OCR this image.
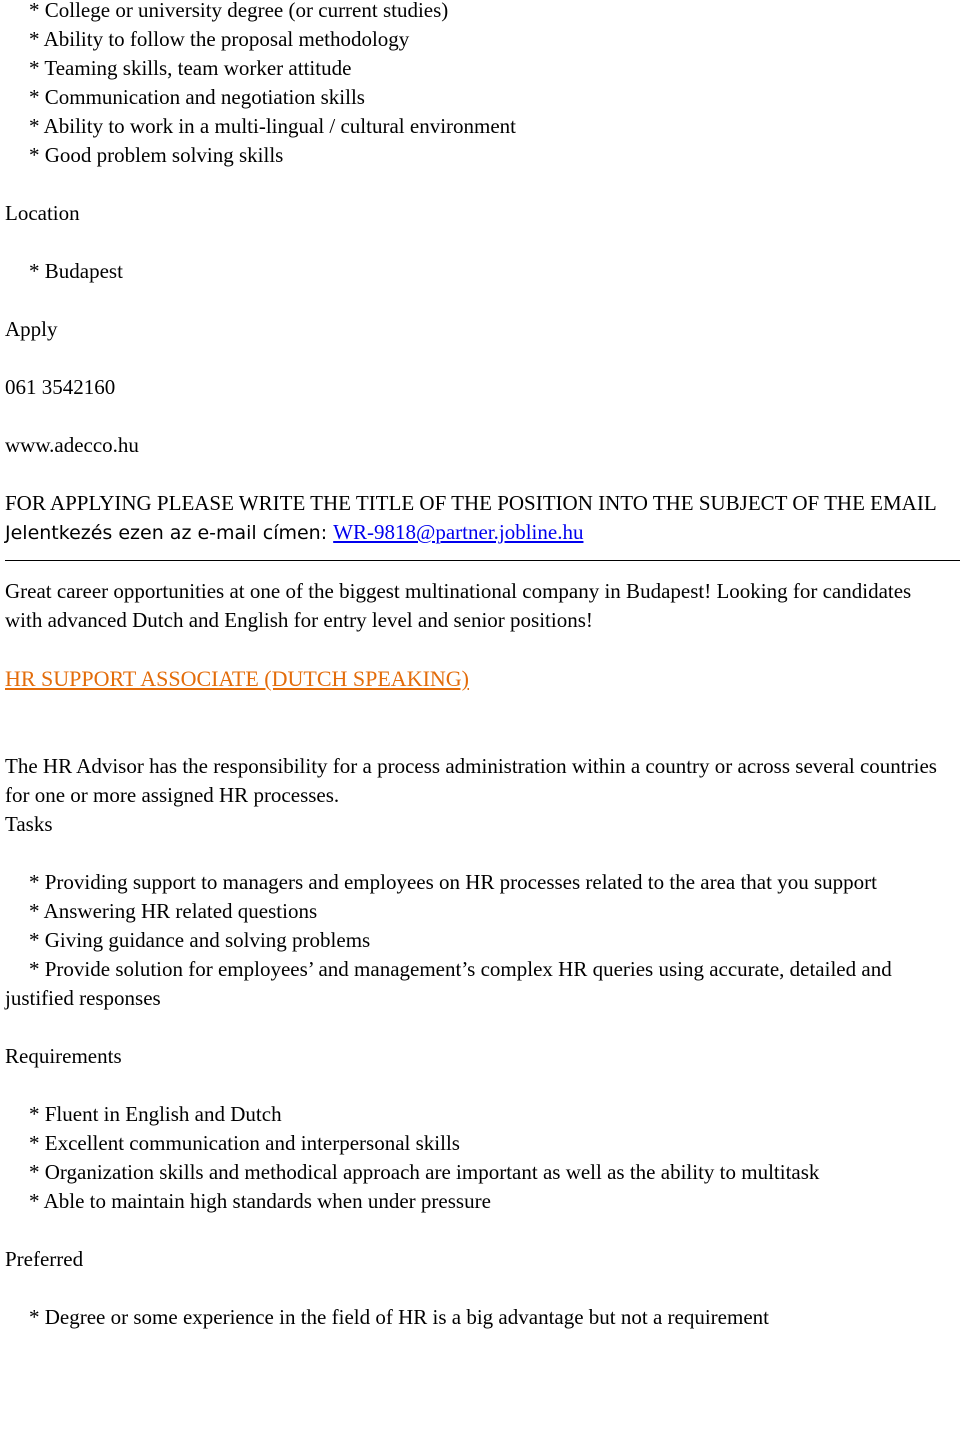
* College or university degree (or current studies)
* Ability to follow the proposal methodology
* Teaming skills, team worker attitude
* Communication and negotiation skills
* Ability to work in a multi-lingual / cultural environment
* Good problem solving skills
Location
* Budapest
Apply
061 3542160
www.adecco.hu
FOR APPLYING PLEASE WRITE THE TITLE OF THE POSITION INTO THE SUBJECT OF THE EMAIL
Jelentkezés ezen az e-mail címen: WR-9818@partner.jobline.hu
Great career opportunities at one of the biggest multinational company in Budapest! Looking for candidates with advanced Dutch and English for entry level and senior positions!
HR SUPPORT ASSOCIATE (DUTCH SPEAKING)
The HR Advisor has the responsibility for a process administration within a country or across several countries for one or more assigned HR processes.
Tasks
* Providing support to managers and employees on HR processes related to the area that you support
* Answering HR related questions
* Giving guidance and solving problems
* Provide solution for employees’ and management’s complex HR queries using accurate, detailed and justified responses
Requirements
* Fluent in English and Dutch
* Excellent communication and interpersonal skills
* Organization skills and methodical approach are important as well as the ability to multitask
* Able to maintain high standards when under pressure
Preferred
* Degree or some experience in the field of HR is a big advantage but not a requirement
